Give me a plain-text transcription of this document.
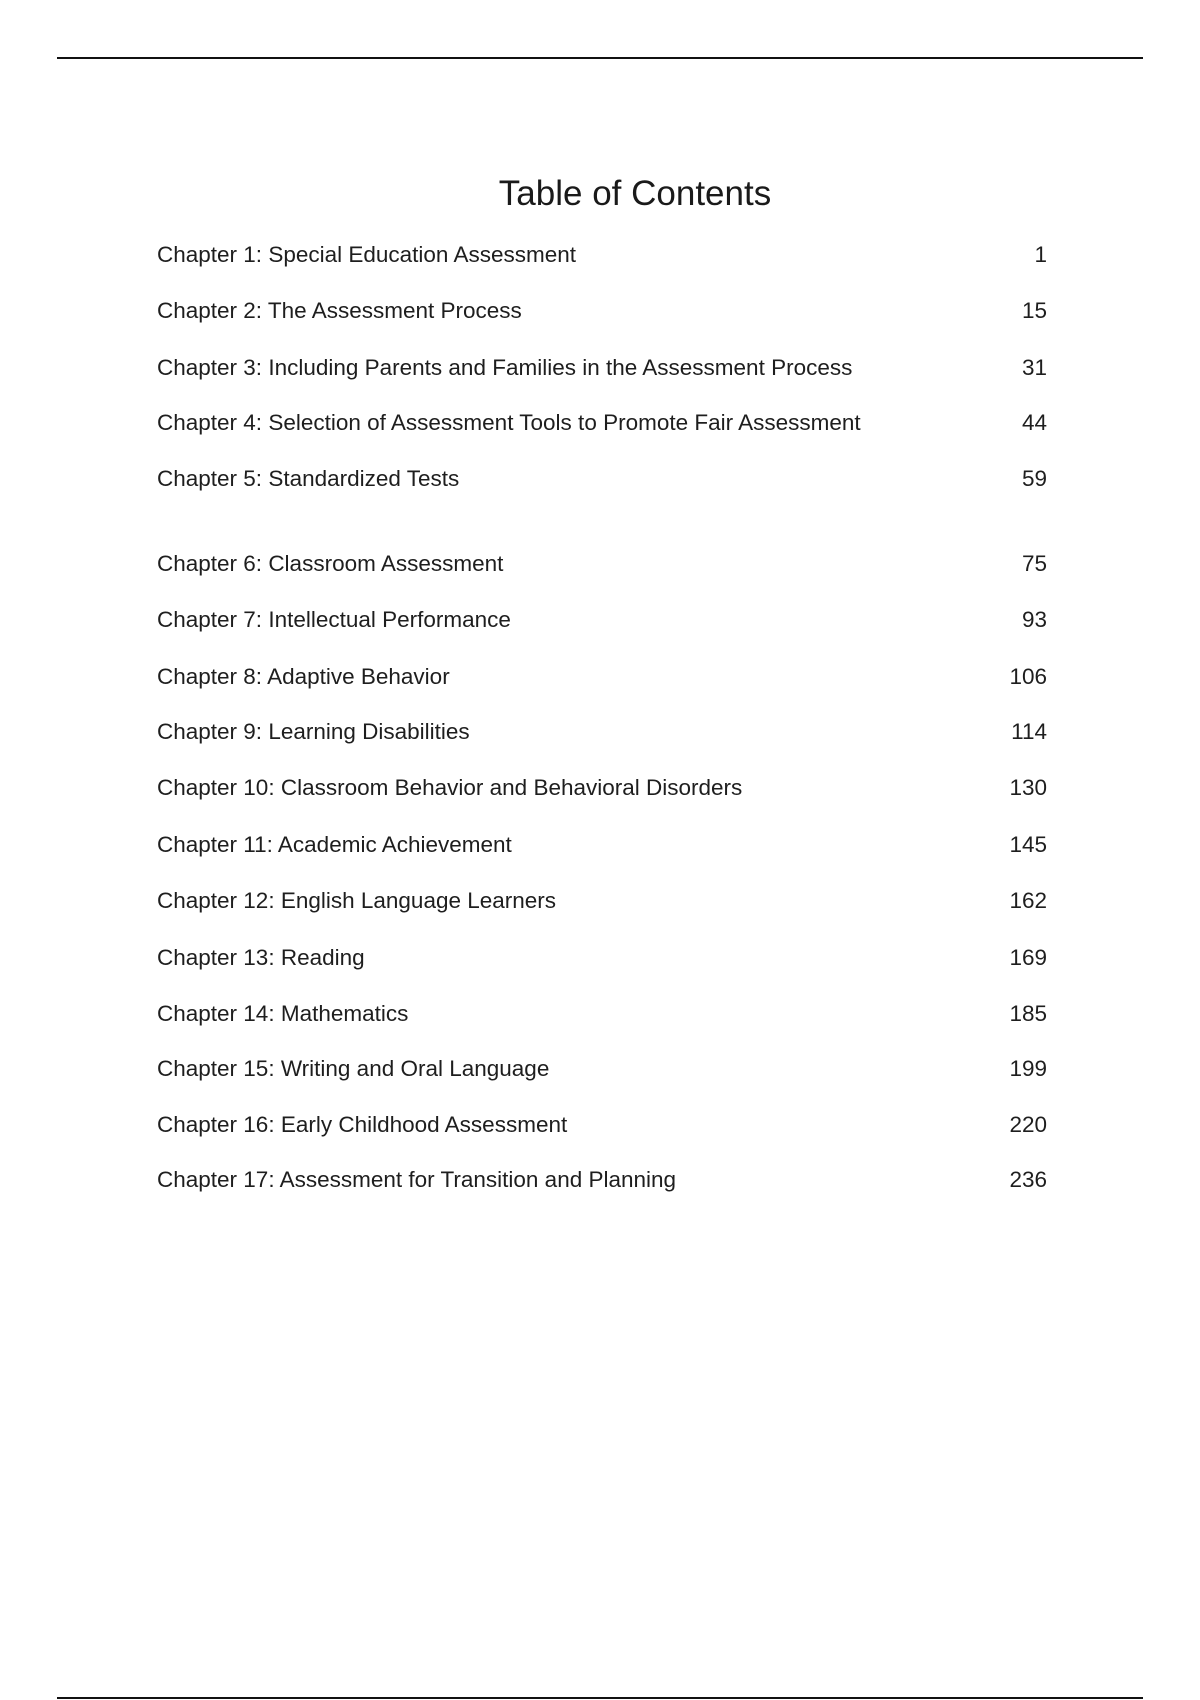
Table of Contents
Chapter 1: Special Education Assessment	1
Chapter 2: The Assessment Process	15
Chapter 3: Including Parents and Families in the Assessment Process	31
Chapter 4: Selection of Assessment Tools to Promote Fair Assessment	44
Chapter 5: Standardized Tests	59
Chapter 6: Classroom Assessment	75
Chapter 7: Intellectual Performance	93
Chapter 8: Adaptive Behavior	106
Chapter 9: Learning Disabilities	114
Chapter 10: Classroom Behavior and Behavioral Disorders	130
Chapter 11: Academic Achievement	145
Chapter 12: English Language Learners	162
Chapter 13: Reading	169
Chapter 14: Mathematics	185
Chapter 15: Writing and Oral Language	199
Chapter 16: Early Childhood Assessment	220
Chapter 17: Assessment for Transition and Planning	236
